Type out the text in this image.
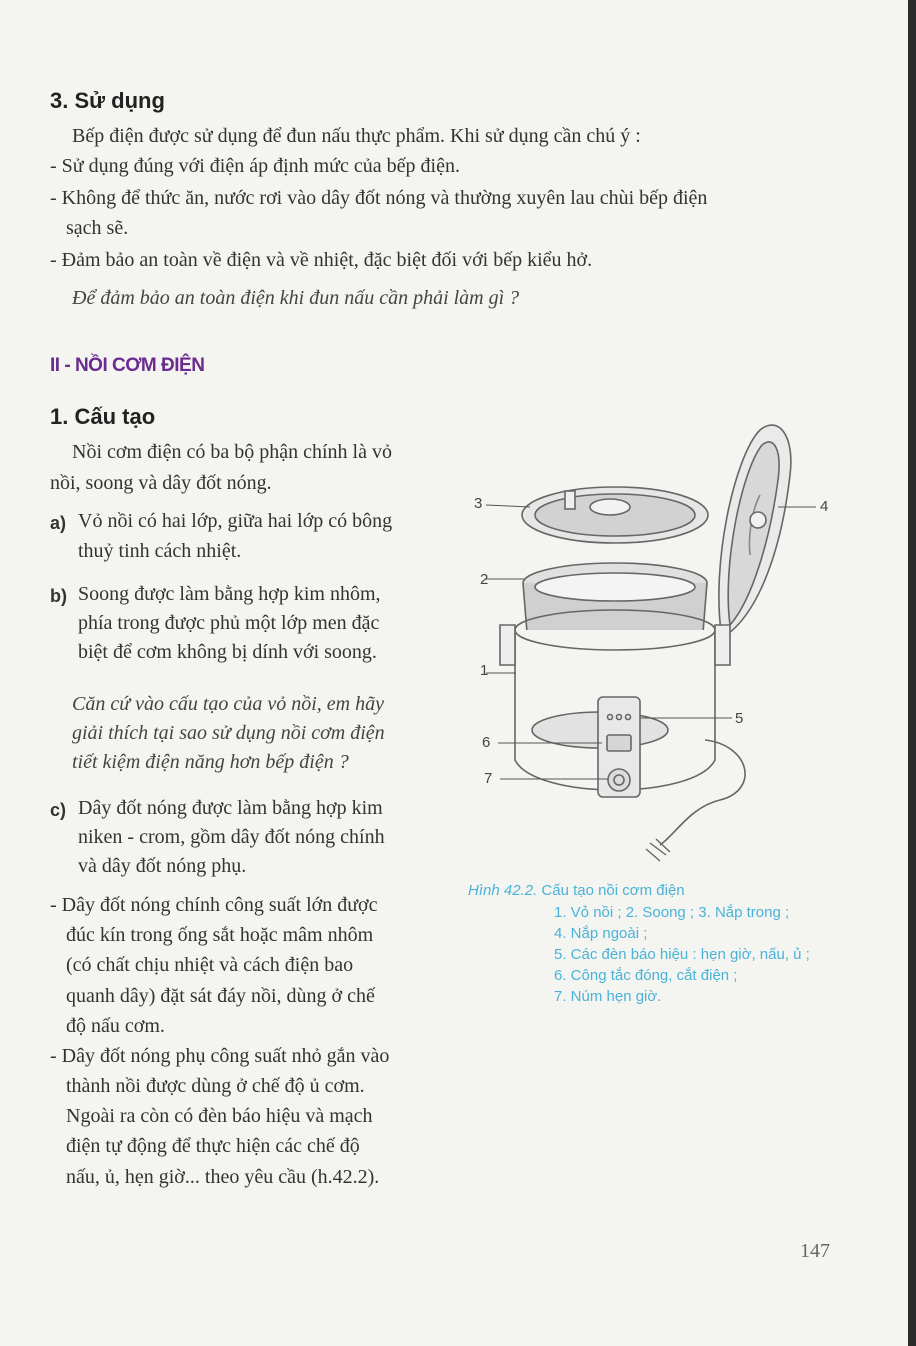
3. Sử dụng
Bếp điện được sử dụng để đun nấu thực phẩm. Khi sử dụng cần chú ý :
- Sử dụng đúng với điện áp định mức của bếp điện.
- Không để thức ăn, nước rơi vào dây đốt nóng và thường xuyên lau chùi bếp điện
sạch sẽ.
- Đảm bảo an toàn về điện và về nhiệt, đặc biệt đối với bếp kiểu hở.
Để đảm bảo an toàn điện khi đun nấu cần phải làm gì ?
II - NỒI CƠM ĐIỆN
1. Cấu tạo
Nồi cơm điện có ba bộ phận chính là vỏ
nồi, soong và dây đốt nóng.
a) Vỏ nồi có hai lớp, giữa hai lớp có bông
thuỷ tinh cách nhiệt.
b) Soong được làm bằng hợp kim nhôm,
phía trong được phủ một lớp men đặc
biệt để cơm không bị dính với soong.
Căn cứ vào cấu tạo của vỏ nồi, em hãy
giải thích tại sao sử dụng nồi cơm điện
tiết kiệm điện năng hơn bếp điện ?
c) Dây đốt nóng được làm bằng hợp kim
niken - crom, gồm dây đốt nóng chính
và dây đốt nóng phụ.
- Dây đốt nóng chính công suất lớn được
đúc kín trong ống sắt hoặc mâm nhôm
(có chất chịu nhiệt và cách điện bao
quanh dây) đặt sát đáy nồi, dùng ở chế
độ nấu cơm.
- Dây đốt nóng phụ công suất nhỏ gắn vào
thành nồi được dùng ở chế độ ủ cơm.
Ngoài ra còn có đèn báo hiệu và mạch
điện tự động để thực hiện các chế độ
nấu, ủ, hẹn giờ... theo yêu cầu (h.42.2).
3	4
2
1
5
6
7
Hình 42.2. Cấu tạo nồi cơm điện
1. Vỏ nồi ; 2. Soong ; 3. Nắp trong ;
4. Nắp ngoài ;
5. Các đèn báo hiệu : hẹn giờ, nấu, ủ ;
6. Công tắc đóng, cắt điện ;
7. Núm hẹn giờ.
147
